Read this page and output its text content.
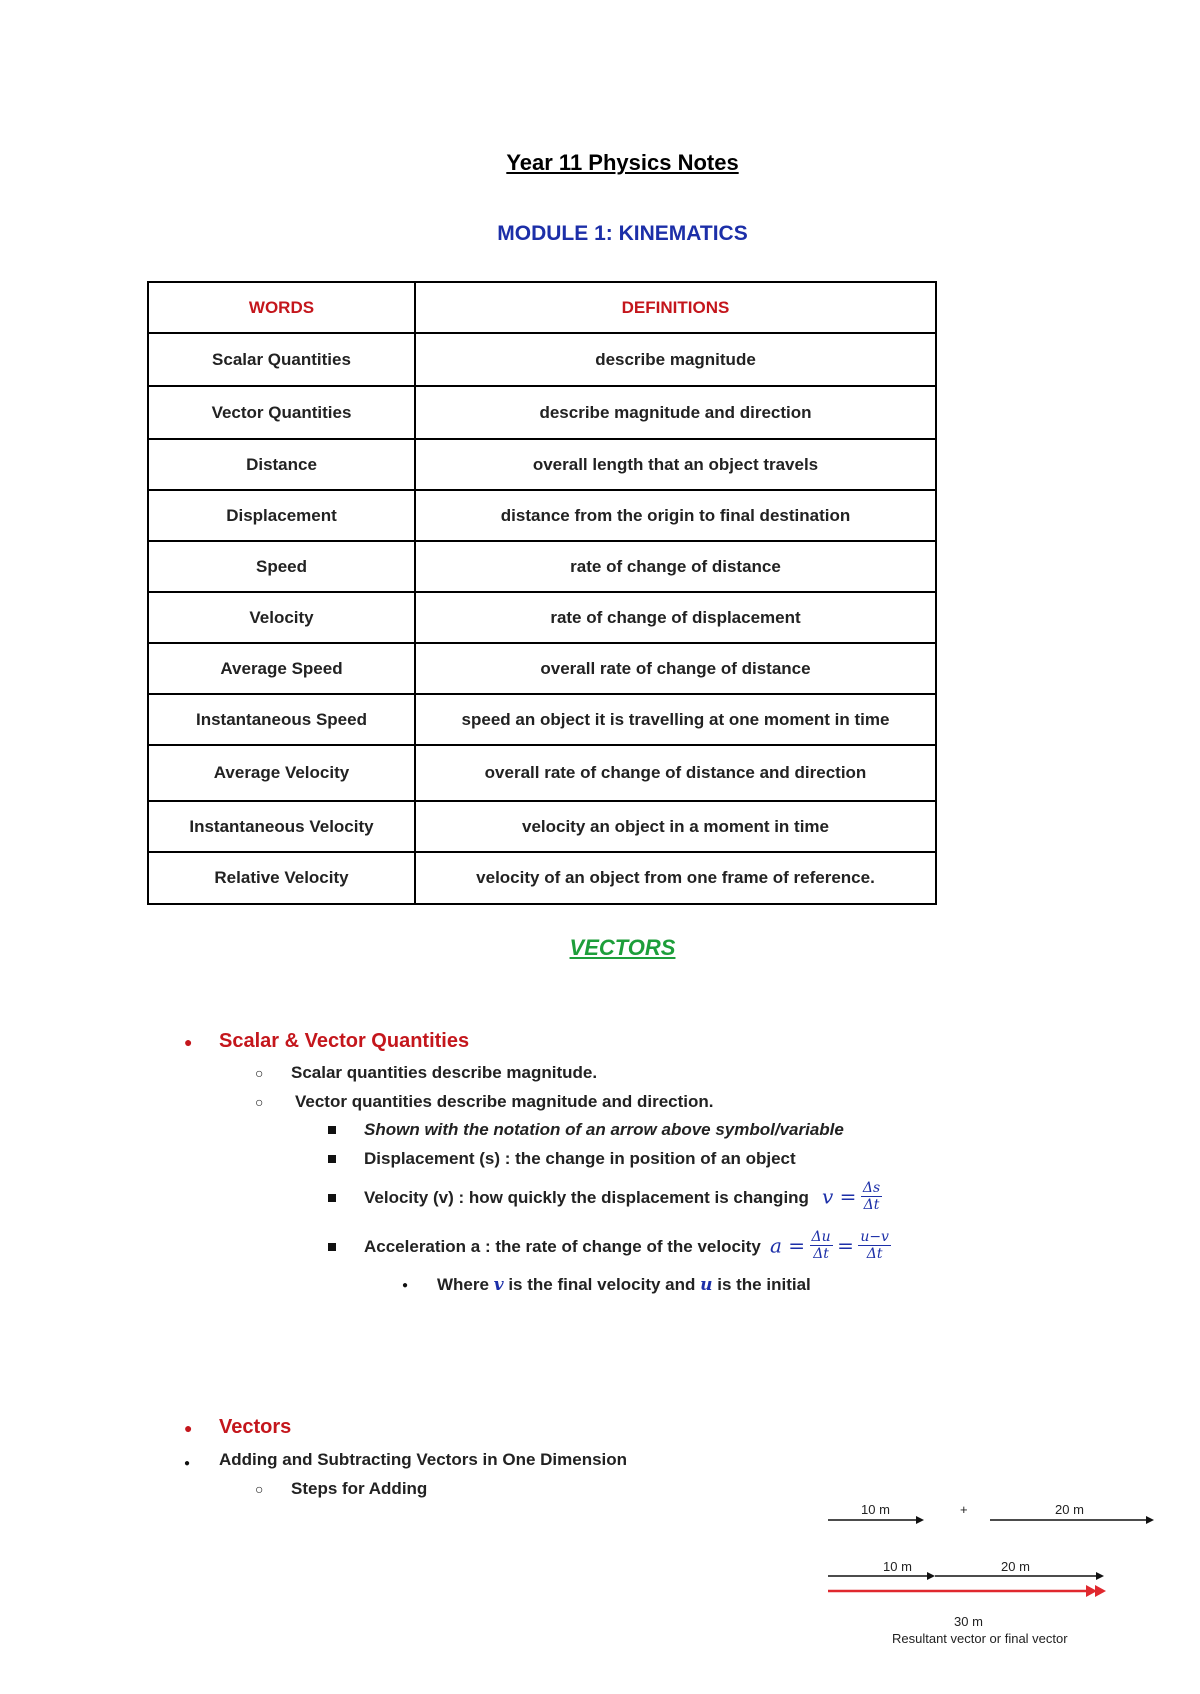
Year 11 Physics Notes
MODULE 1: KINEMATICS
WORDS	DEFINITIONS
Scalar Quantities	describe magnitude
Vector Quantities	describe magnitude and direction
Distance	overall length that an object travels
Displacement	distance from the origin to final destination
Speed	rate of change of distance
Velocity	rate of change of displacement
Average Speed	overall rate of change of distance
Instantaneous Speed	speed an object it is travelling at one moment in time
Average Velocity	overall rate of change of distance and direction
Instantaneous Velocity	velocity an object in a moment in time
Relative Velocity	velocity of an object from one frame of reference.
VECTORS
● Scalar & Vector Quantities
○ Scalar quantities describe magnitude.
○ Vector quantities describe magnitude and direction.
Shown with the notation of an arrow above symbol/variable
Displacement (s) : the change in position of an object
Velocity (v) : how quickly the displacement is changing $v = \frac{\Delta s}{\Delta t}$
Acceleration a : the rate of change of the velocity $a = \frac{\Delta u}{\Delta t} = \frac{u-v}{\Delta t}$
● Where v is the final velocity and u is the initial
● Vectors
● Adding and Subtracting Vectors in One Dimension
○ Steps for Adding
10 m	+	20 m
10 m	20 m
30 m
Resultant vector or final vector
